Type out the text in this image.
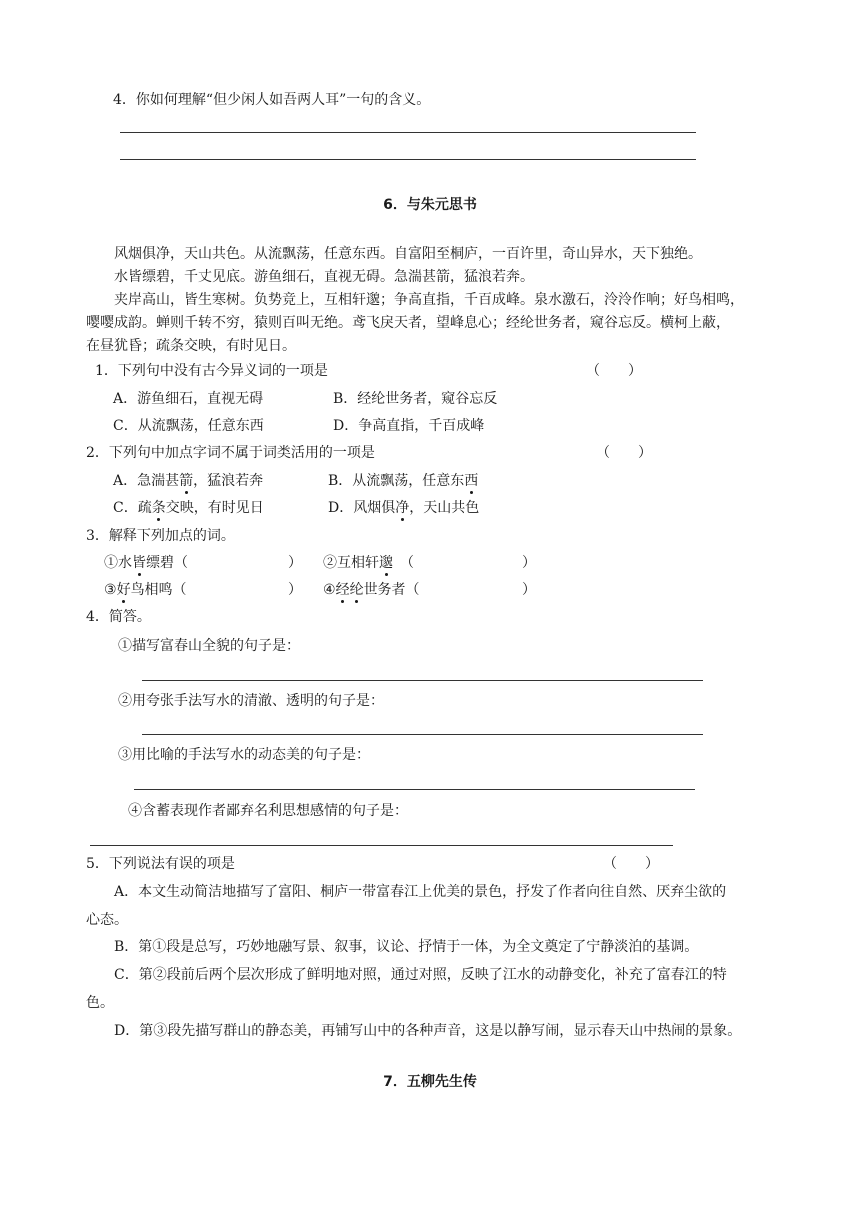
4．你如何理解“但少闲人如吾两人耳”一句的含义。
6．与朱元思书
风烟俱净，天山共色。从流飘荡，任意东西。自富阳至桐庐，一百许里，奇山异水，天下独绝。
水皆缥碧，千丈见底。游鱼细石，直视无碍。急湍甚箭，猛浪若奔。
夹岸高山，皆生寒树。负势竞上，互相轩邈；争高直指，千百成峰。泉水激石，泠泠作响；好鸟相鸣，
嘤嘤成韵。蝉则千转不穷，猿则百叫无绝。鸢飞戾天者，望峰息心；经纶世务者，窥谷忘反。横柯上蔽，
在昼犹昏；疏条交映，有时见日。
1．下列句中没有古今异义词的一项是	（　　）
A．游鱼细石，直视无碍	B．经纶世务者，窥谷忘反
C．从流飘荡，任意东西	D．争高直指，千百成峰
2．下列句中加点字词不属于词类活用的一项是	（　　）
A．急湍甚箭，猛浪若奔	B．从流飘荡，任意东西
C．疏条交映，有时见日	D．风烟俱净，天山共色
3．解释下列加点的词。
①水皆缥碧（	） ②互相轩邈　（	）
③好鸟相鸣（	） ④经纶世务者（	）
4．简答。
①描写富春山全貌的句子是：
②用夸张手法写水的清澈、透明的句子是：
③用比喻的手法写水的动态美的句子是：
④含蓄表现作者鄙弃名利思想感情的句子是：
5．下列说法有误的项是	（　　）
A．本文生动简洁地描写了富阳、桐庐一带富春江上优美的景色，抒发了作者向往自然、厌弃尘欲的
心态。
B．第①段是总写，巧妙地融写景、叙事，议论、抒情于一体，为全文奠定了宁静淡泊的基调。
C．第②段前后两个层次形成了鲜明地对照，通过对照，反映了江水的动静变化，补充了富春江的特
色。
D．第③段先描写群山的静态美，再铺写山中的各种声音，这是以静写闹，显示春天山中热闹的景象。
7．五柳先生传
